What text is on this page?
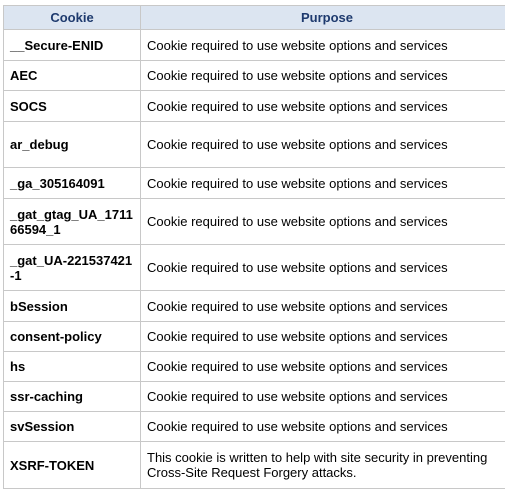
Cookie	Purpose
__Secure-ENID	Cookie required to use website options and services
AEC	Cookie required to use website options and services
SOCS	Cookie required to use website options and services
ar_debug	Cookie required to use website options and services
_ga_305164091	Cookie required to use website options and services
_gat_gtag_UA_171166594_1	Cookie required to use website options and services
_gat_UA-221537421-1	Cookie required to use website options and services
bSession	Cookie required to use website options and services
consent-policy	Cookie required to use website options and services
hs	Cookie required to use website options and services
ssr-caching	Cookie required to use website options and services
svSession	Cookie required to use website options and services
XSRF-TOKEN	This cookie is written to help with site security in preventing Cross-Site Request Forgery attacks.
